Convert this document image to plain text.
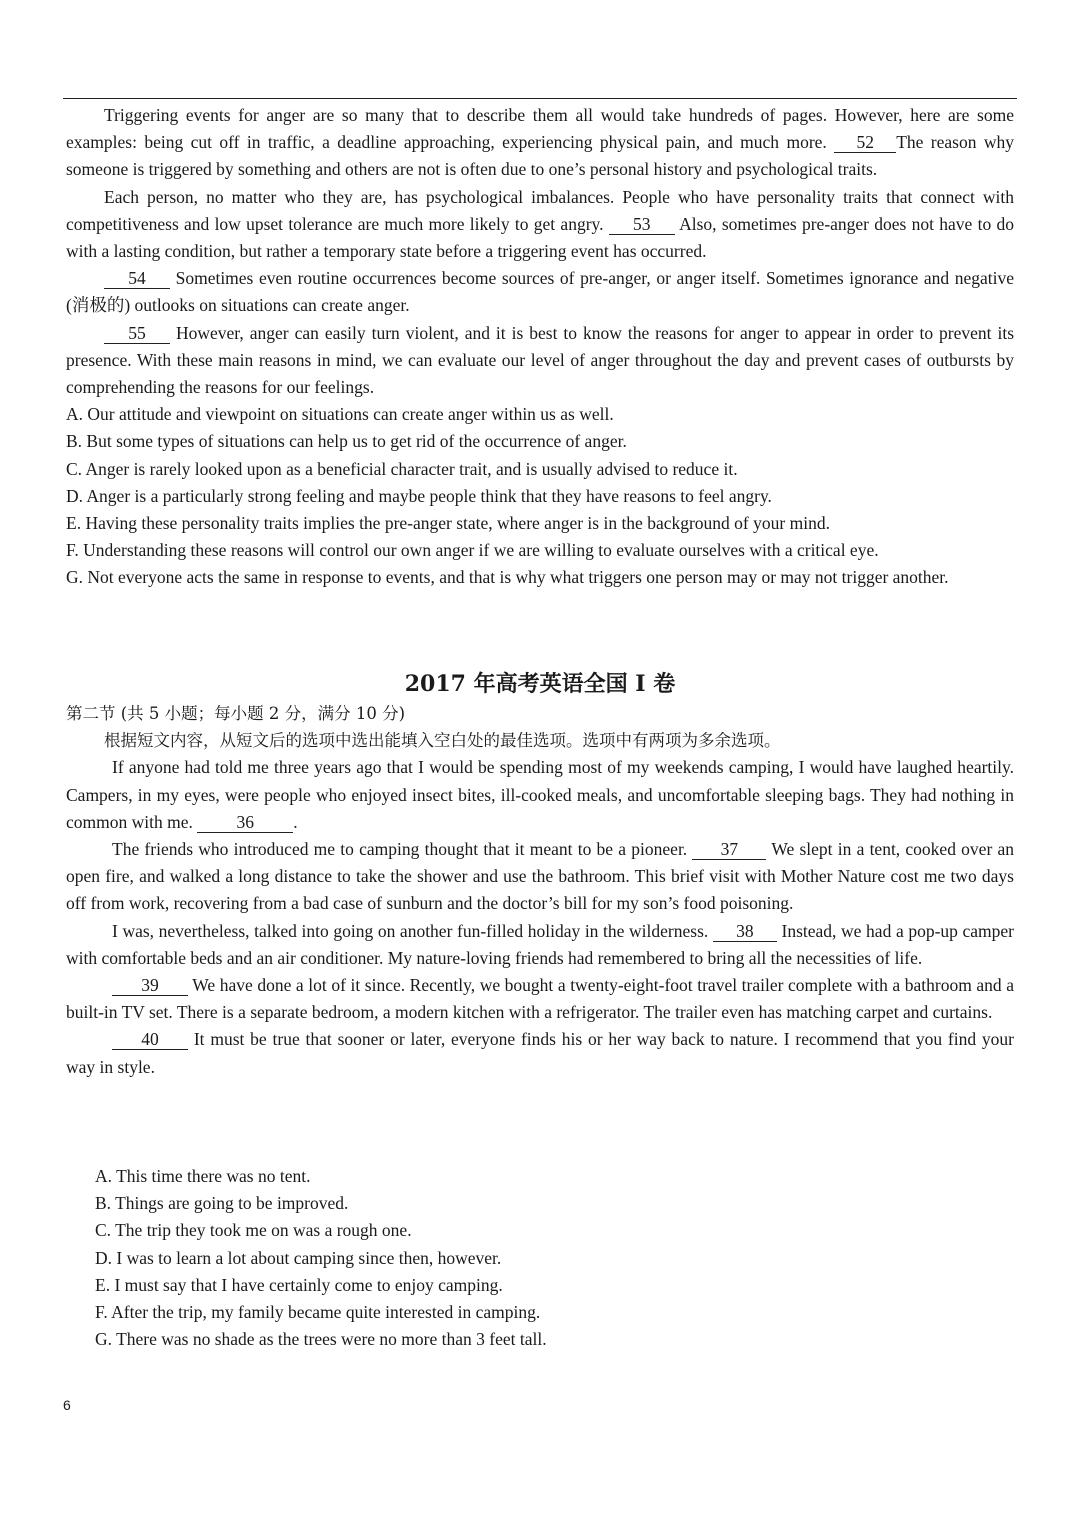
Triggering events for anger are so many that to describe them all would take hundreds of pages. However, here are some examples: being cut off in traffic, a deadline approaching, experiencing physical pain, and much more. 52 The reason why someone is triggered by something and others are not is often due to one’s personal history and psychological traits.

Each person, no matter who they are, has psychological imbalances. People who have personality traits that connect with competitiveness and low upset tolerance are much more likely to get angry. 53 Also, sometimes pre-anger does not have to do with a lasting condition, but rather a temporary state before a triggering event has occurred.

54 Sometimes even routine occurrences become sources of pre-anger, or anger itself. Sometimes ignorance and negative (消极的) outlooks on situations can create anger.

55 However, anger can easily turn violent, and it is best to know the reasons for anger to appear in order to prevent its presence. With these main reasons in mind, we can evaluate our level of anger throughout the day and prevent cases of outbursts by comprehending the reasons for our feelings.

A. Our attitude and viewpoint on situations can create anger within us as well.

B. But some types of situations can help us to get rid of the occurrence of anger.

C. Anger is rarely looked upon as a beneficial character trait, and is usually advised to reduce it.

D. Anger is a particularly strong feeling and maybe people think that they have reasons to feel angry.

E. Having these personality traits implies the pre-anger state, where anger is in the background of your mind.

F. Understanding these reasons will control our own anger if we are willing to evaluate ourselves with a critical eye.

G. Not everyone acts the same in response to events, and that is why what triggers one person may or may not trigger another.

2017 年高考英语全国 I 卷

第二节 (共 5 小题；每小题 2 分，满分 10 分)

根据短文内容，从短文后的选项中选出能填入空白处的最佳选项。选项中有两项为多余选项。

If anyone had told me three years ago that I would be spending most of my weekends camping, I would have laughed heartily. Campers, in my eyes, were people who enjoyed insect bites, ill-cooked meals, and uncomfortable sleeping bags. They had nothing in common with me. 36 .

The friends who introduced me to camping thought that it meant to be a pioneer. 37 We slept in a tent, cooked over an open fire, and walked a long distance to take the shower and use the bathroom. This brief visit with Mother Nature cost me two days off from work, recovering from a bad case of sunburn and the doctor’s bill for my son’s food poisoning.

I was, nevertheless, talked into going on another fun-filled holiday in the wilderness. 38 Instead, we had a pop-up camper with comfortable beds and an air conditioner. My nature-loving friends had remembered to bring all the necessities of life.

39 We have done a lot of it since. Recently, we bought a twenty-eight-foot travel trailer complete with a bathroom and a built-in TV set. There is a separate bedroom, a modern kitchen with a refrigerator. The trailer even has matching carpet and curtains.

40 It must be true that sooner or later, everyone finds his or her way back to nature. I recommend that you find your way in style.

A. This time there was no tent.

B. Things are going to be improved.

C. The trip they took me on was a rough one.

D. I was to learn a lot about camping since then, however.

E. I must say that I have certainly come to enjoy camping.

F. After the trip, my family became quite interested in camping.

G. There was no shade as the trees were no more than 3 feet tall.

6
